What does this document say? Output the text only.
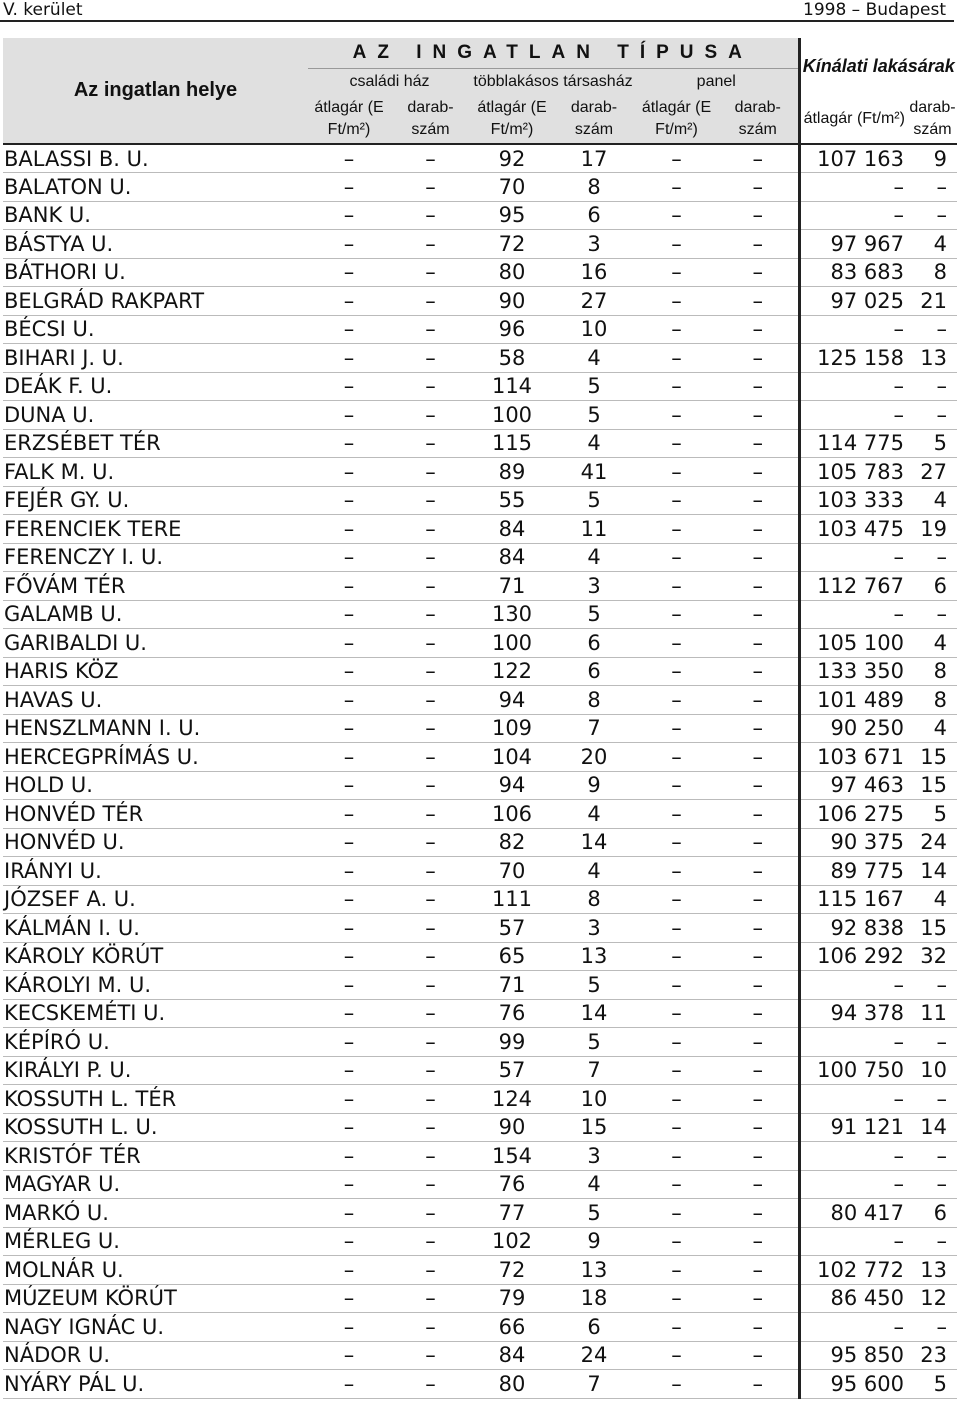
V. kerület	1998 – Budapest
Az ingatlan helye	AZ INGATLAN TÍPUSA						Kínálati lakásárak	
	családi ház		többlakásos társasház		panel			
	átlagár (E Ft/m²)	darab-szám	átlagár (E Ft/m²)	darab-szám	átlagár (E Ft/m²)	darab-szám	átlagár (Ft/m²)	darab-szám
BALASSI B. U.	–	–	92	17	–	–	107 163	9
BALATON U.	–	–	70	8	–	–	–	–
BANK U.	–	–	95	6	–	–	–	–
BÁSTYA U.	–	–	72	3	–	–	97 967	4
BÁTHORI U.	–	–	80	16	–	–	83 683	8
BELGRÁD RAKPART	–	–	90	27	–	–	97 025	21
BÉCSI U.	–	–	96	10	–	–	–	–
BIHARI J. U.	–	–	58	4	–	–	125 158	13
DEÁK F. U.	–	–	114	5	–	–	–	–
DUNA U.	–	–	100	5	–	–	–	–
ERZSÉBET TÉR	–	–	115	4	–	–	114 775	5
FALK M. U.	–	–	89	41	–	–	105 783	27
FEJÉR GY. U.	–	–	55	5	–	–	103 333	4
FERENCIEK TERE	–	–	84	11	–	–	103 475	19
FERENCZY I. U.	–	–	84	4	–	–	–	–
FŐVÁM TÉR	–	–	71	3	–	–	112 767	6
GALAMB U.	–	–	130	5	–	–	–	–
GARIBALDI U.	–	–	100	6	–	–	105 100	4
HARIS KÖZ	–	–	122	6	–	–	133 350	8
HAVAS U.	–	–	94	8	–	–	101 489	8
HENSZLMANN I. U.	–	–	109	7	–	–	90 250	4
HERCEGPRÍMÁS U.	–	–	104	20	–	–	103 671	15
HOLD U.	–	–	94	9	–	–	97 463	15
HONVÉD TÉR	–	–	106	4	–	–	106 275	5
HONVÉD U.	–	–	82	14	–	–	90 375	24
IRÁNYI U.	–	–	70	4	–	–	89 775	14
JÓZSEF A. U.	–	–	111	8	–	–	115 167	4
KÁLMÁN I. U.	–	–	57	3	–	–	92 838	15
KÁROLY KÖRÚT	–	–	65	13	–	–	106 292	32
KÁROLYI M. U.	–	–	71	5	–	–	–	–
KECSKEMÉTI U.	–	–	76	14	–	–	94 378	11
KÉPÍRÓ U.	–	–	99	5	–	–	–	–
KIRÁLYI P. U.	–	–	57	7	–	–	100 750	10
KOSSUTH L. TÉR	–	–	124	10	–	–	–	–
KOSSUTH L. U.	–	–	90	15	–	–	91 121	14
KRISTÓF TÉR	–	–	154	3	–	–	–	–
MAGYAR U.	–	–	76	4	–	–	–	–
MARKÓ U.	–	–	77	5	–	–	80 417	6
MÉRLEG U.	–	–	102	9	–	–	–	–
MOLNÁR U.	–	–	72	13	–	–	102 772	13
MÚZEUM KÖRÚT	–	–	79	18	–	–	86 450	12
NAGY IGNÁC U.	–	–	66	6	–	–	–	–
NÁDOR U.	–	–	84	24	–	–	95 850	23
NYÁRY PÁL U.	–	–	80	7	–	–	95 600	5
